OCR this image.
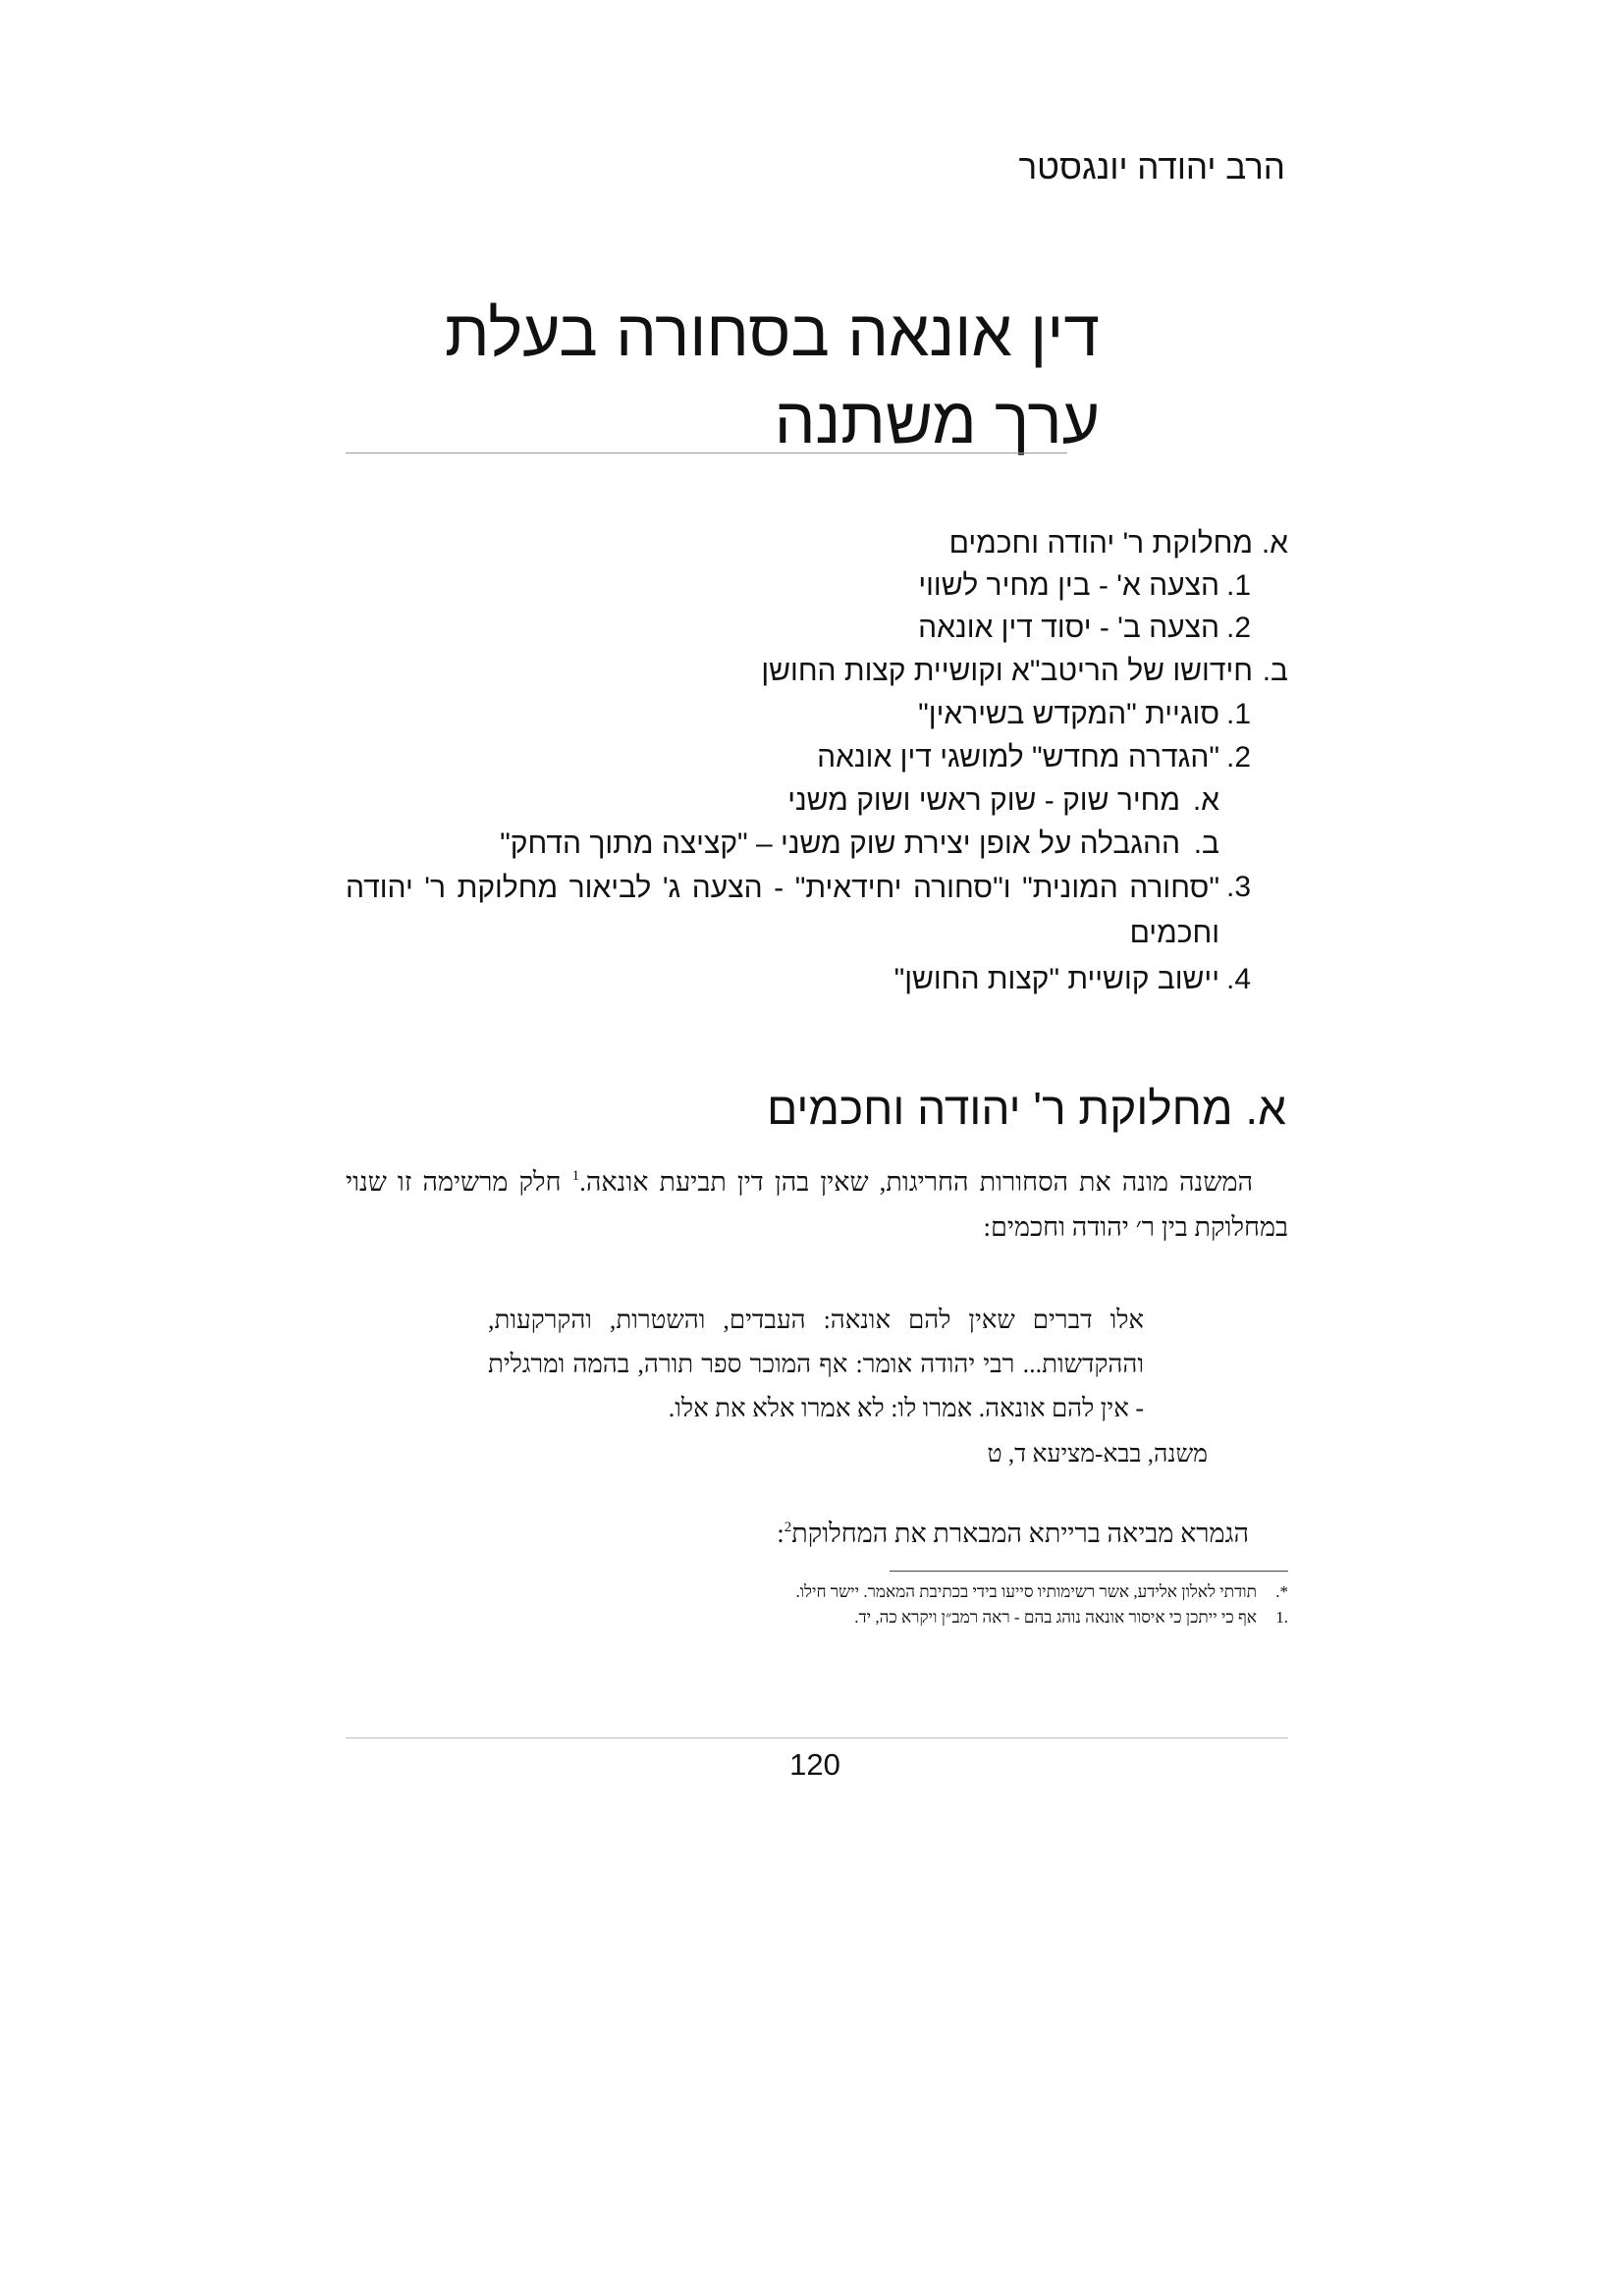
הרב יהודה יונגסטר
דין אונאה בסחורה בעלת ערך משתנה
א.
מחלוקת ר' יהודה וחכמים
1.
הצעה א' - בין מחיר לשווי
2.
הצעה ב' - יסוד דין אונאה
ב.
חידושו של הריטב"א וקושיית קצות החושן
1.
סוגיית "המקדש בשיראין"
2.
"הגדרה מחדש" למושגי דין אונאה
א.
מחיר שוק - שוק ראשי ושוק משני
ב.
ההגבלה על אופן יצירת שוק משני – "קציצה מתוך הדחק"
3.
"סחורה המונית" ו"סחורה יחידאית" - הצעה ג' לביאור מחלוקת ר' יהודה וחכמים
4.
יישוב קושיית "קצות החושן"
א. מחלוקת ר' יהודה וחכמים

המשנה מונה את הסחורות החריגות, שאין בהן דין תביעת אונאה.$^1$ חלק מרשימה זו שנוי במחלוקת בין ר׳ יהודה וחכמים:

אלו דברים שאין להם אונאה: העבדים, והשטרות, והקרקעות, וההקדשות... רבי יהודה אומר: אף המוכר ספר תורה, בהמה ומרגלית - אין להם אונאה. אמרו לו: לא אמרו אלא את אלו.
משנה, בבא-מציעא ד, ט
הגמרא מביאה ברייתא המבארת את המחלוקת$^2$:
*.
תודתי לאלון אלידע, אשר רשימותיו סייעו בידי בכתיבת המאמר. יישר חילו.
.1
אף כי ייתכן כי איסור אונאה נוהג בהם - ראה רמב״ן ויקרא כה, יד.
120
